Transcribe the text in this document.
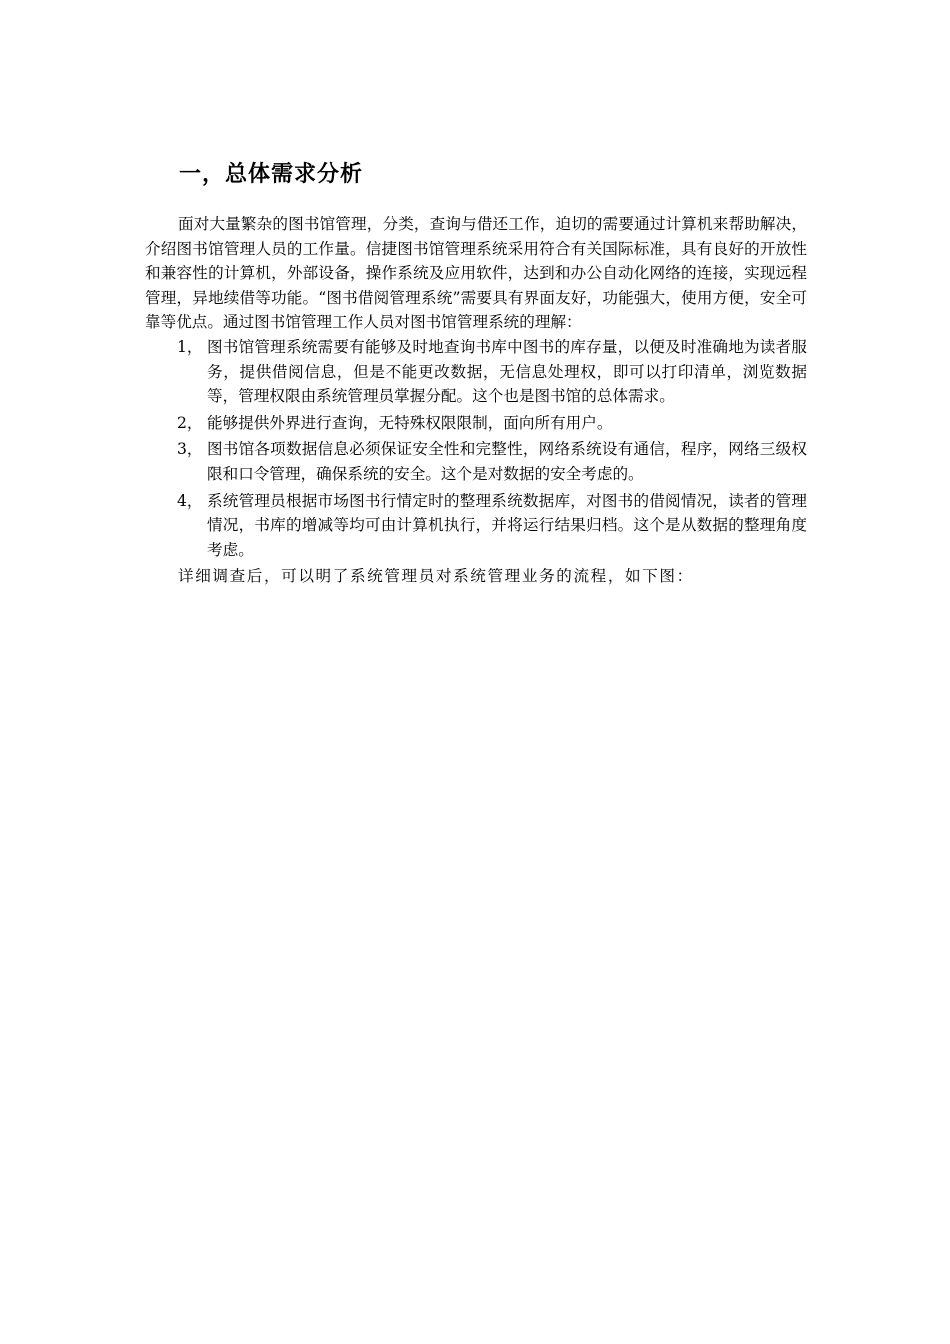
一，总体需求分析

面对大量繁杂的图书馆管理，分类，查询与借还工作，迫切的需要通过计算机来帮助解决，介绍图书馆管理人员的工作量。信捷图书馆管理系统采用符合有关国际标准，具有良好的开放性和兼容性的计算机，外部设备，操作系统及应用软件，达到和办公自动化网络的连接，实现远程管理，异地续借等功能。“图书借阅管理系统”需要具有界面友好，功能强大，使用方便，安全可靠等优点。通过图书馆管理工作人员对图书馆管理系统的理解：

1， 图书馆管理系统需要有能够及时地查询书库中图书的库存量，以便及时准确地为读者服务，提供借阅信息，但是不能更改数据，无信息处理权，即可以打印清单，浏览数据等，管理权限由系统管理员掌握分配。这个也是图书馆的总体需求。
2， 能够提供外界进行查询，无特殊权限限制，面向所有用户。
3， 图书馆各项数据信息必须保证安全性和完整性，网络系统设有通信，程序，网络三级权限和口令管理，确保系统的安全。这个是对数据的安全考虑的。
4， 系统管理员根据市场图书行情定时的整理系统数据库，对图书的借阅情况，读者的管理情况，书库的增减等均可由计算机执行，并将运行结果归档。这个是从数据的整理角度考虑。

详细调查后，可以明了系统管理员对系统管理业务的流程，如下图：
